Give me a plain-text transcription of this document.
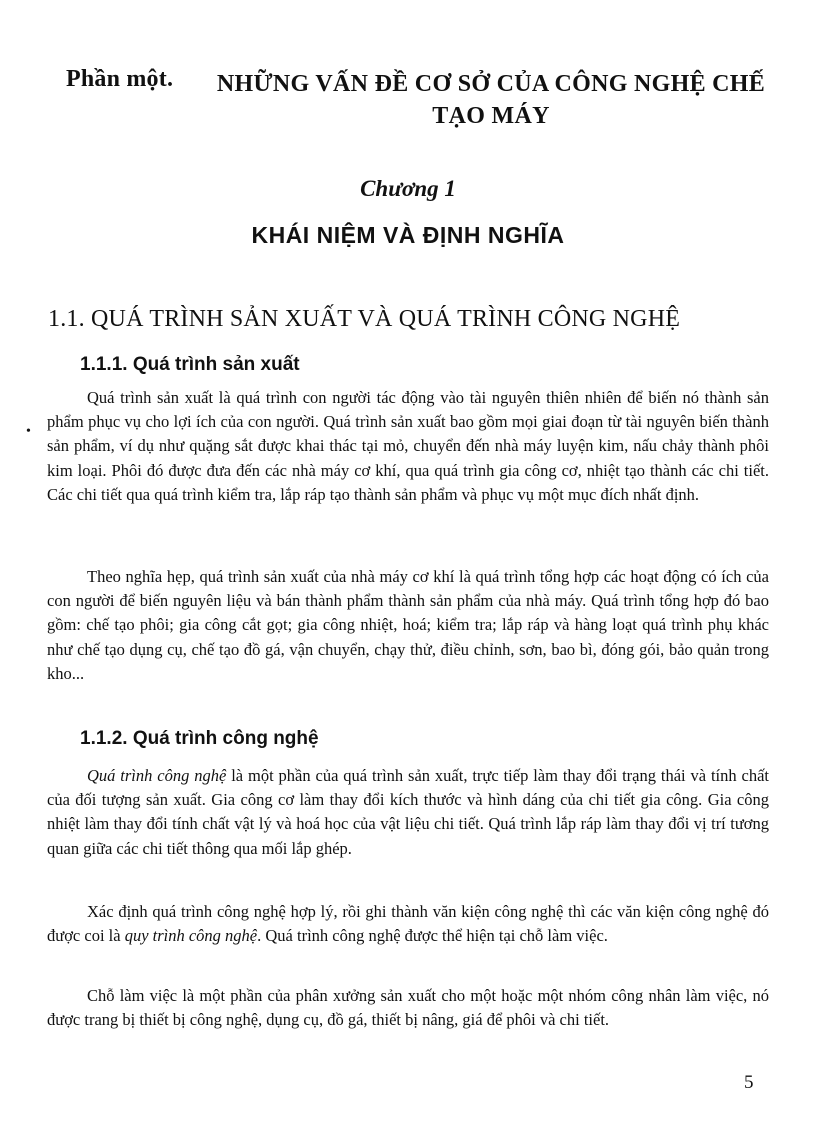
Phần một.	NHỮNG VẤN ĐỀ CƠ SỞ CỦA CÔNG NGHỆ CHẾ TẠO MÁY
Chương 1
KHÁI NIỆM VÀ ĐỊNH NGHĨA
1.1. QUÁ TRÌNH SẢN XUẤT VÀ QUÁ TRÌNH CÔNG NGHỆ
1.1.1. Quá trình sản xuất

Quá trình sản xuất là quá trình con người tác động vào tài nguyên thiên nhiên để biến nó thành sản phẩm phục vụ cho lợi ích của con người. Quá trình sản xuất bao gồm mọi giai đoạn từ tài nguyên biến thành sản phẩm, ví dụ như quặng sắt được khai thác tại mỏ, chuyển đến nhà máy luyện kim, nấu chảy thành phôi kim loại. Phôi đó được đưa đến các nhà máy cơ khí, qua quá trình gia công cơ, nhiệt tạo thành các chi tiết. Các chi tiết qua quá trình kiểm tra, lắp ráp tạo thành sản phẩm và phục vụ một mục đích nhất định.

Theo nghĩa hẹp, quá trình sản xuất của nhà máy cơ khí là quá trình tổng hợp các hoạt động có ích của con người để biến nguyên liệu và bán thành phẩm thành sản phẩm của nhà máy. Quá trình tổng hợp đó bao gồm: chế tạo phôi; gia công cắt gọt; gia công nhiệt, hoá; kiểm tra; lắp ráp và hàng loạt quá trình phụ khác như chế tạo dụng cụ, chế tạo đồ gá, vận chuyển, chạy thử, điều chỉnh, sơn, bao bì, đóng gói, bảo quản trong kho...

1.1.2. Quá trình công nghệ

Quá trình công nghệ là một phần của quá trình sản xuất, trực tiếp làm thay đổi trạng thái và tính chất của đối tượng sản xuất. Gia công cơ làm thay đổi kích thước và hình dáng của chi tiết gia công. Gia công nhiệt làm thay đổi tính chất vật lý và hoá học của vật liệu chi tiết. Quá trình lắp ráp làm thay đổi vị trí tương quan giữa các chi tiết thông qua mối lắp ghép.

Xác định quá trình công nghệ hợp lý, rồi ghi thành văn kiện công nghệ thì các văn kiện công nghệ đó được coi là quy trình công nghệ. Quá trình công nghệ được thể hiện tại chỗ làm việc.

Chỗ làm việc là một phần của phân xưởng sản xuất cho một hoặc một nhóm công nhân làm việc, nó được trang bị thiết bị công nghệ, dụng cụ, đồ gá, thiết bị nâng, giá để phôi và chi tiết.

5
•
